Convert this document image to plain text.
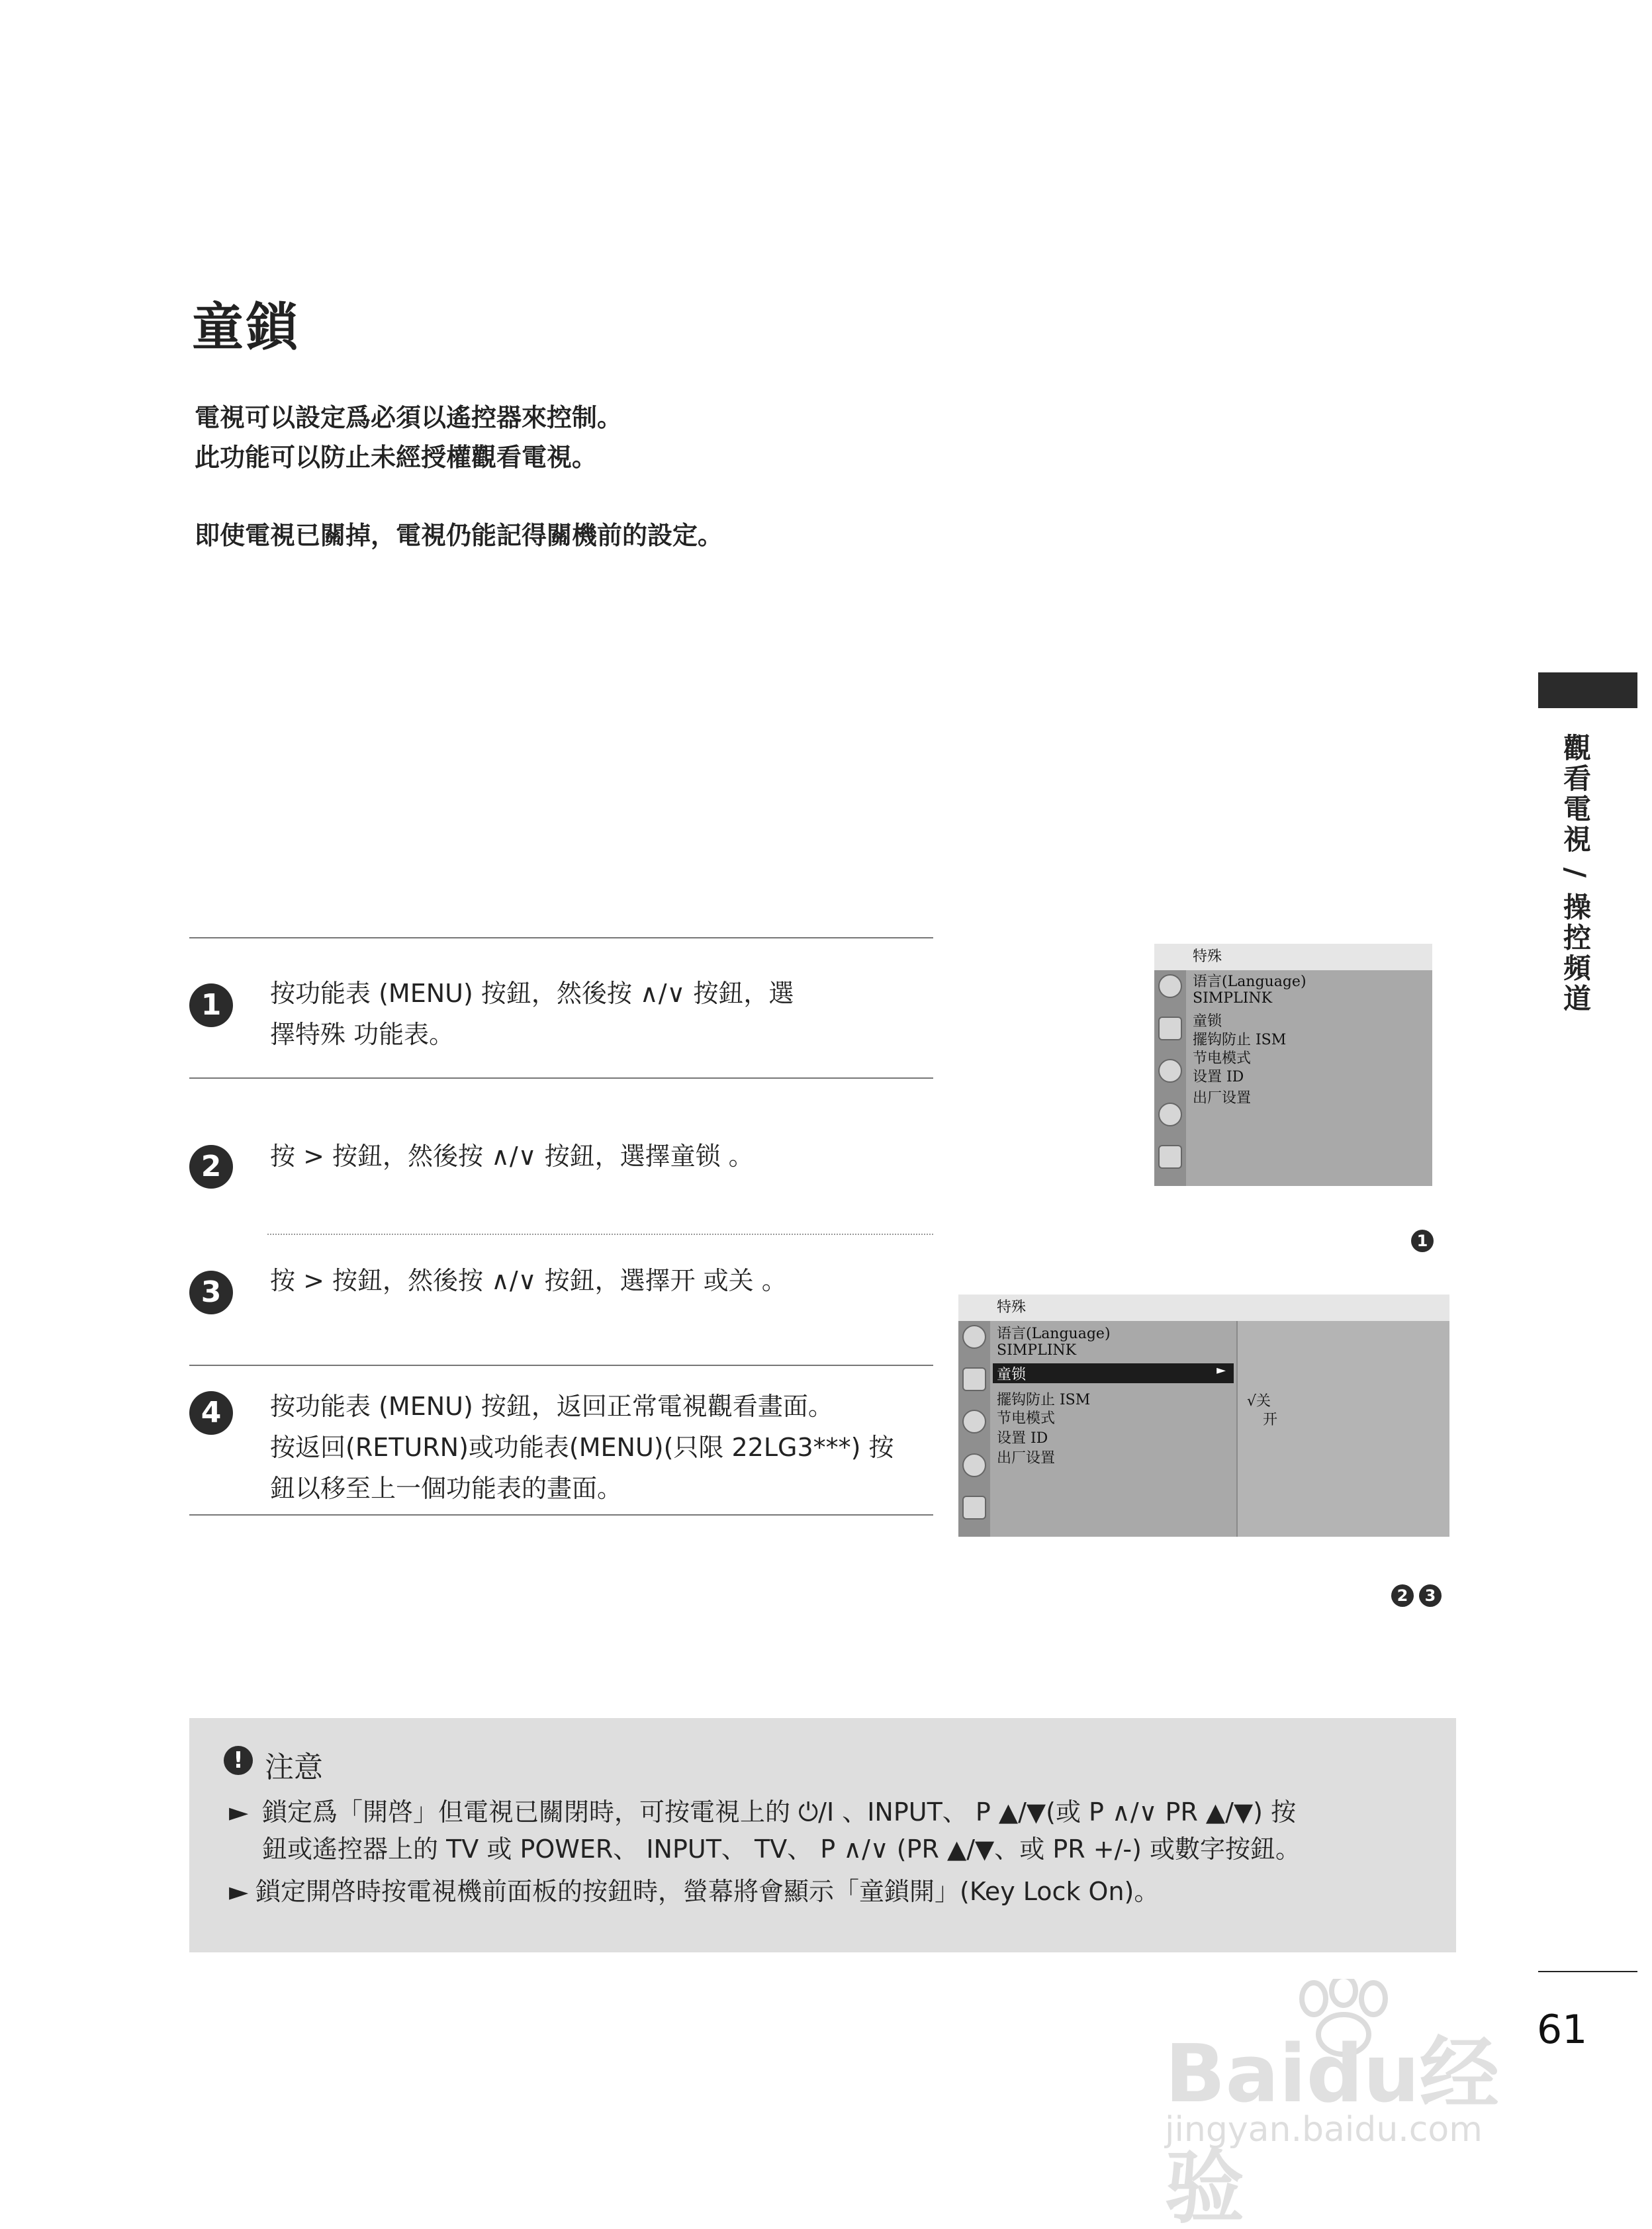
童鎖
電視可以設定爲必須以遙控器來控制。
此功能可以防止未經授權觀看電視。
即使電視已關掉，電視仍能記得關機前的設定。
觀看電視 / 操控頻道
1	按功能表 (MENU) 按鈕，然後按 ∧/∨ 按鈕，選
擇特殊 功能表。
2	按 > 按鈕，然後按 ∧/∨ 按鈕，選擇童锁 。
3	按 > 按鈕，然後按 ∧/∨ 按鈕，選擇开 或关 。
4	按功能表 (MENU) 按鈕，返回正常電視觀看畫面。
按返回(RETURN)或功能表(MENU)(只限 22LG3***) 按
鈕以移至上一個功能表的畫面。
特殊
语言(Language)
SIMPLINK
童锁
擺钩防止 ISM
节电模式
设置 ID
出厂设置
1
特殊
语言(Language)
SIMPLINK
童锁	►
擺钩防止 ISM
节电模式
设置 ID
出厂设置
√关
开
2	3
! 注意
► 鎖定爲「開啓」但電視已關閉時，可按電視上的 ⏻/I 、INPUT、 P ▲/▼(或 P ∧/∨ PR ▲/▼) 按
鈕或遙控器上的 TV 或 POWER、 INPUT、 TV、 P ∧/∨ (PR ▲/▼、或 PR +/-) 或數字按鈕。
► 鎖定開啓時按電視機前面板的按鈕時，螢幕將會顯示「童鎖開」(Key Lock On)。
Baidu经验
jingyan.baidu.com
61
